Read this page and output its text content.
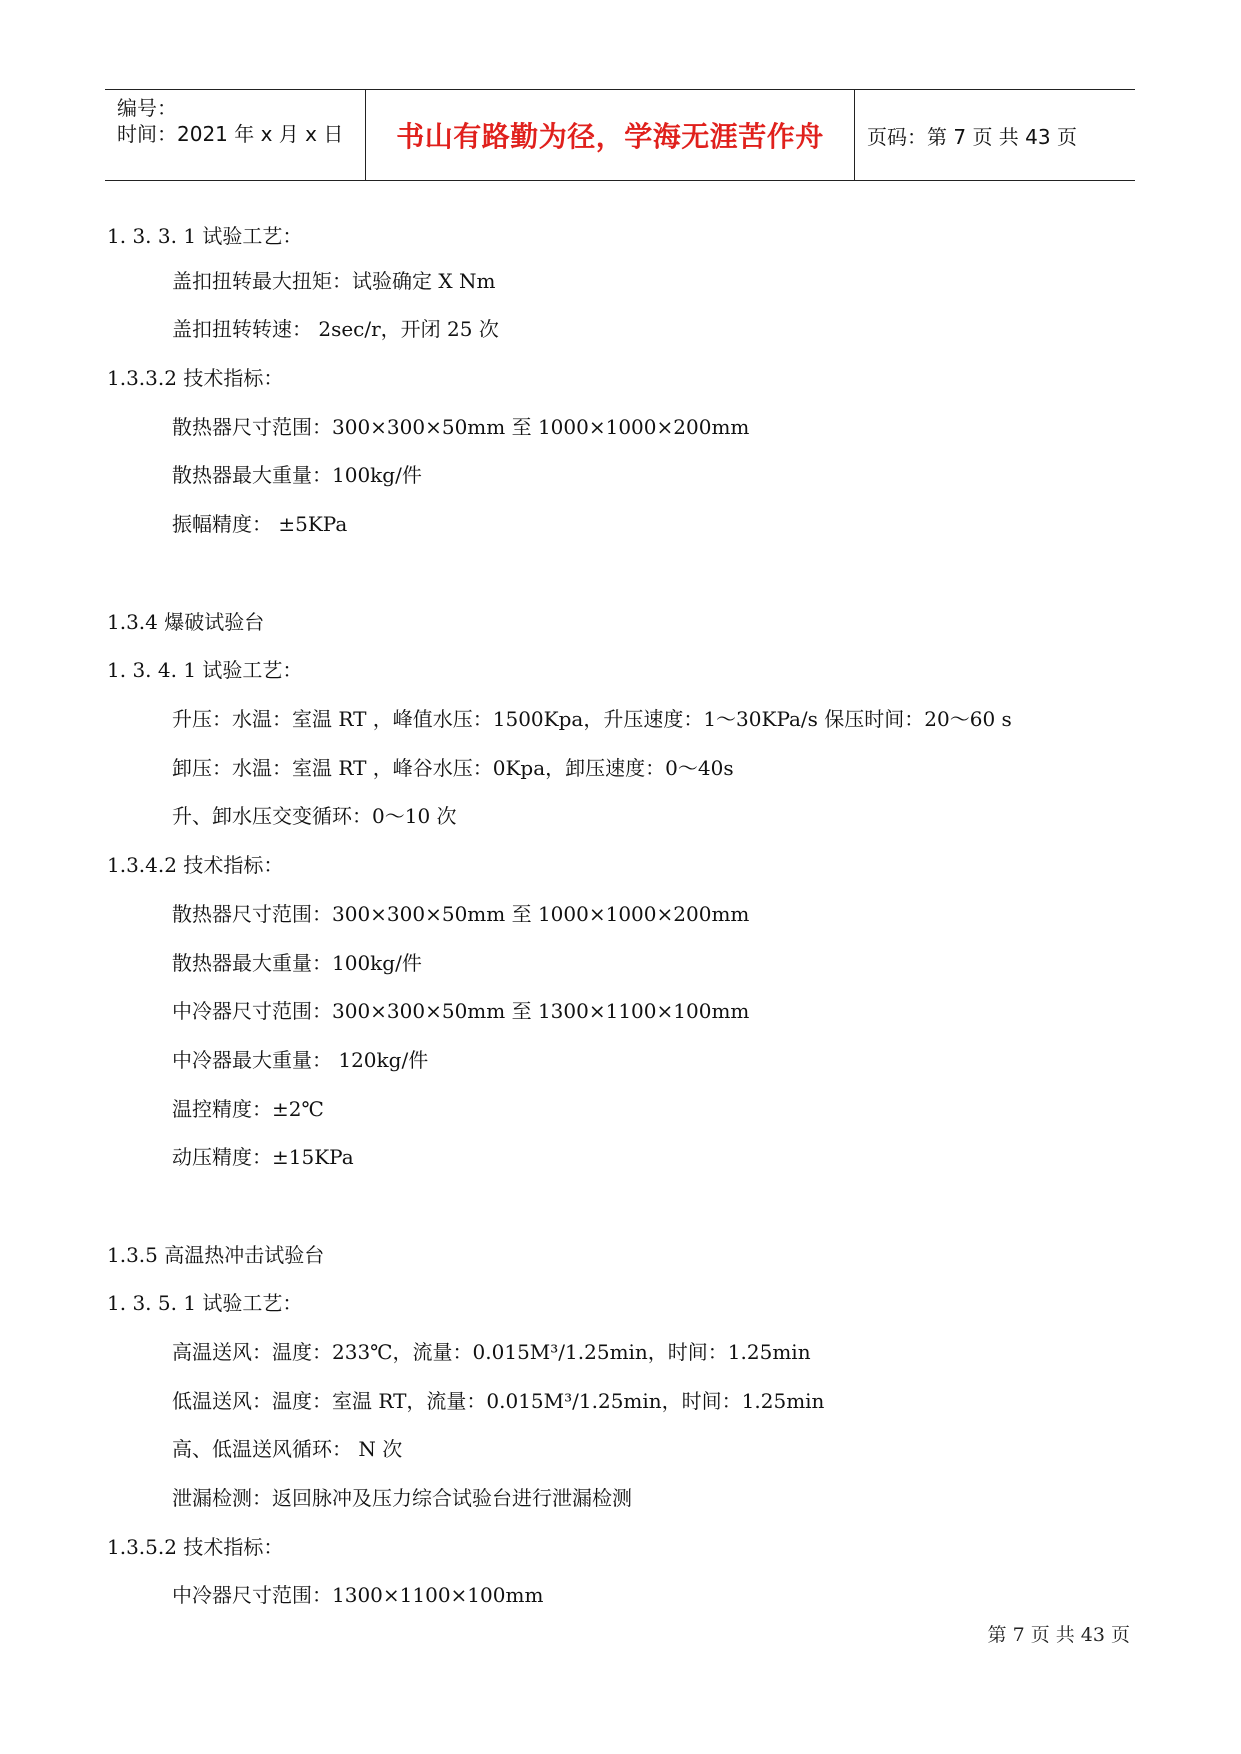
编号：
时间：2021 年 x 月 x 日 书山有路勤为径，学海无涯苦作舟 页码：第 7 页 共 43 页
1. 3. 3. 1 试验工艺：
盖扣扭转最大扭矩：试验确定 X Nm
盖扣扭转转速： 2sec/r，开闭 25 次
1.3.3.2 技术指标：
散热器尺寸范围：300×300×50mm 至 1000×1000×200mm
散热器最大重量：100kg/件
振幅精度： ±5KPa
1.3.4 爆破试验台
1. 3. 4. 1 试验工艺：
升压：水温：室温 RT ，峰值水压：1500Kpa，升压速度：1～30KPa/s 保压时间：20～60 s
卸压：水温：室温 RT ，峰谷水压：0Kpa，卸压速度：0～40s
升、卸水压交变循环：0～10 次
1.3.4.2 技术指标：
散热器尺寸范围：300×300×50mm 至 1000×1000×200mm
散热器最大重量：100kg/件
中冷器尺寸范围：300×300×50mm 至 1300×1100×100mm
中冷器最大重量： 120kg/件
温控精度：±2℃
动压精度：±15KPa
1.3.5 高温热冲击试验台
1. 3. 5. 1 试验工艺：
高温送风：温度：233℃，流量：0.015M³/1.25min，时间：1.25min
低温送风：温度：室温 RT，流量：0.015M³/1.25min，时间：1.25min
高、低温送风循环： N 次
泄漏检测：返回脉冲及压力综合试验台进行泄漏检测
1.3.5.2 技术指标：
中冷器尺寸范围：1300×1100×100mm
第 7 页 共 43 页
